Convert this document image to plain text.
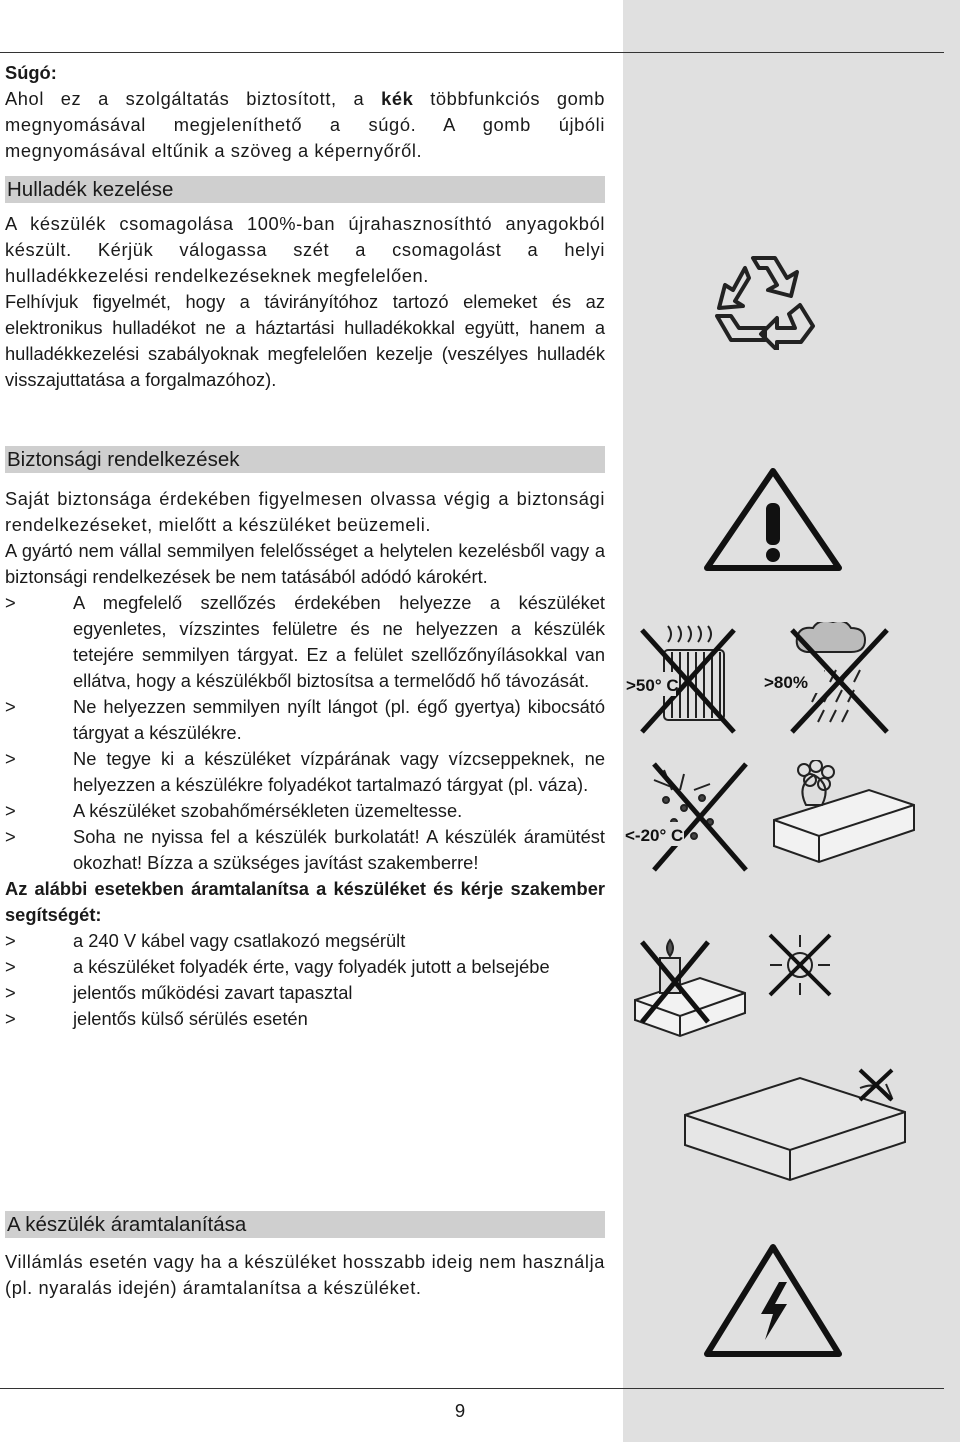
Súgó:

Ahol ez a szolgáltatás biztosított, a kék többfunkciós gomb megnyomásával megjeleníthető a súgó. A gomb újbóli megnyomásával eltűnik a szöveg a képernyőről.

Hulladék kezelése

A készülék csomagolása 100%-ban újrahasznosíthtó anyagokból készült. Kérjük válogassa szét a csomagolást a helyi hulladékkezelési rendelkezéseknek megfelelően.

Felhívjuk figyelmét, hogy a távirányítóhoz tartozó elemeket és az elektronikus hulladékot ne a háztartási hulladékokkal együtt, hanem a hulladékkezelési szabályoknak megfelelően kezelje (veszélyes hulladék visszajuttatása a forgalmazóhoz).

Biztonsági rendelkezések

Saját biztonsága érdekében figyelmesen olvassa végig a biztonsági rendelkezéseket, mielőtt a készüléket beüzemeli.

A gyártó nem vállal semmilyen felelősséget a helytelen kezelésből vagy a biztonsági rendelkezések be nem tatásából adódó károkért.

>	A megfelelő szellőzés érdekében helyezze a készüléket egyenletes, vízszintes felületre és ne helyezzen a készülék tetejére semmilyen tárgyat. Ez a felület szellőzőnyílásokkal van ellátva, hogy a készülékből biztosítsa a termelődő hő távozását.
>	Ne helyezzen semmilyen nyílt lángot (pl. égő gyertya) kibocsátó tárgyat a készülékre.
>	Ne tegye ki a készüléket vízpárának vagy vízcseppeknek, ne helyezzen a készülékre folyadékot tartalmazó tárgyat (pl. váza).
>	A készüléket szobahőmérsékleten üzemeltesse.
>	Soha ne nyissa fel a készülék burkolatát! A készülék áramütést okozhat! Bízza a szükséges javítást szakemberre!

Az alábbi esetekben áramtalanítsa a készüléket és kérje szakember segítségét:

>	a 240 V kábel vagy csatlakozó megsérült
>	a készüléket folyadék érte, vagy folyadék jutott a belsejébe
>	jelentős működési zavart tapasztal
>	jelentős külső sérülés esetén
A készülék áramtalanítása

Villámlás esetén vagy ha a készüléket hosszabb ideig nem használja (pl. nyaralás idején) áramtalanítsa a készüléket.

>50° C	>80%
<-20° C
9
